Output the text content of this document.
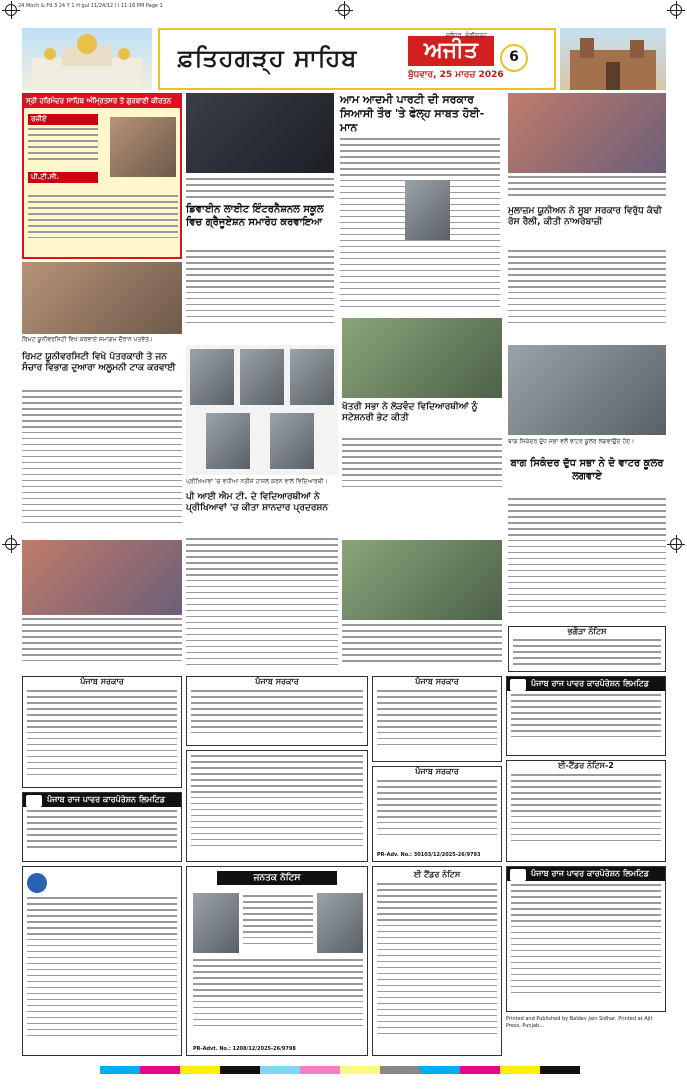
24 Moch & Fd 3 24 Y 1 H gul 11/24/12 I I 11:16 PM Page 1
ਫ਼ਤਿਹਗੜ੍ਹ ਸਾਹਿਬ	ਅਜੀਤ
ਬੁੱਧਵਾਰ, 25 ਮਾਰਚ 2026
ਜਲੰਧਰ, ਚੰਡੀਗੜ੍ਹ
6
ਸ੍ਰੀ ਹਰਿਮੰਦਰ ਸਾਹਿਬ ਅੰਮ੍ਰਿਤਸਰ ਤੋਂ ਗੁਰਬਾਣੀ ਕੀਰਤਨ
ਰਜ਼ੀਏ
ਪੀ.ਟੀ.ਸੀ.
ਡਿਵਾਈਨ ਲਾਈਟ ਇੰਟਰਨੈਸ਼ਨਲ ਸਕੂਲ ਵਿਚ ਗ੍ਰੈਜੂਏਸ਼ਨ ਸਮਾਰੋਹ ਕਰਵਾਇਆ
ਆਮ ਆਦਮੀ ਪਾਰਟੀ ਦੀ ਸਰਕਾਰ ਸਿਆਸੀ ਤੌਰ 'ਤੇ ਫੇਲ੍ਹ ਸਾਬਤ ਹੋਈ-ਮਾਨ
ਮੁਲਾਜ਼ਮ ਯੂਨੀਅਨ ਨੇ ਸੂਬਾ ਸਰਕਾਰ ਵਿਰੁੱਧ ਕੱਢੀ ਰੋਸ ਰੈਲੀ, ਕੀਤੀ ਨਾਅਰੇਬਾਜ਼ੀ
ਰਿਮਟ ਯੂਨੀਵਰਸਿਟੀ ਵਿਖੇ ਕਰਵਾਏ ਸਮਾਗਮ ਦੌਰਾਨ ਪਤਵੰਤੇ।
ਰਿਮਟ ਯੂਨੀਵਰਸਿਟੀ ਵਿਖੇ ਪੱਤਰਕਾਰੀ ਤੇ ਜਨ ਸੰਚਾਰ ਵਿਭਾਗ ਦੁਆਰਾ ਅਲੂਮਨੀ ਟਾਕ ਕਰਵਾਈ
ਪ੍ਰੀਖਿਆਵਾਂ 'ਚ ਵਧੀਆ ਨਤੀਜੇ ਹਾਸਲ ਕਰਨ ਵਾਲੇ ਵਿਦਿਆਰਥੀ।
ਪੀ ਆਈ ਐਮ ਟੀ. ਦੇ ਵਿਦਿਆਰਥੀਆਂ ਨੇ ਪ੍ਰੀਖਿਆਵਾਂ 'ਚ ਕੀਤਾ ਸ਼ਾਨਦਾਰ ਪ੍ਰਦਰਸ਼ਨ
ਖੱਤਰੀ ਸਭਾ ਨੇ ਲੋੜਵੰਦ ਵਿਦਿਆਰਥੀਆਂ ਨੂੰ ਸਟੇਸ਼ਨਰੀ ਭੇਟ ਕੀਤੀ
ਬਾਗ ਸਿਕੰਦਰ ਦੁੱਧ ਸਭਾ ਵਲੋਂ ਵਾਟਰ ਕੂਲਰ ਲਗਵਾਉਂਦੇ ਹੋਏ।
ਬਾਗ ਸਿਕੰਦਰ ਦੁੱਧ ਸਭਾ ਨੇ ਦੋ ਵਾਟਰ ਕੂਲਰ ਲਗਵਾਏ
ਭਗੌੜਾ ਨੋਟਿਸ
ਪੰਜਾਬ ਸਰਕਾਰ	ਪੰਜਾਬ ਸਰਕਾਰ	ਪੰਜਾਬ ਸਰਕਾਰ
ਪੰਜਾਬ ਸਰਕਾਰ
PR-Adv. No.: 30103/12/2025-26/9793
ਪੰਜਾਬ ਰਾਜ ਪਾਵਰ ਕਾਰਪੋਰੇਸ਼ਨ ਲਿਮਟਿਡ
ਈ-ਟੈਂਡਰ ਨੋਟਿਸ-2
ਪੰਜਾਬ ਰਾਜ ਪਾਵਰ ਕਾਰਪੋਰੇਸ਼ਨ ਲਿਮਟਿਡ
ਜਨਤਕ ਨੋਟਿਸ
PR-Advt. No.: 1208/12/2025-26/9798
ਈ ਟੈਂਡਰ ਨੋਟਿਸ	ਪੰਜਾਬ ਰਾਜ ਪਾਵਰ ਕਾਰਪੋਰੇਸ਼ਨ ਲਿਮਟਿਡ
Printed and Published by Baldev Jain Sidhar, Printed at Ajit Press, Punjab...
